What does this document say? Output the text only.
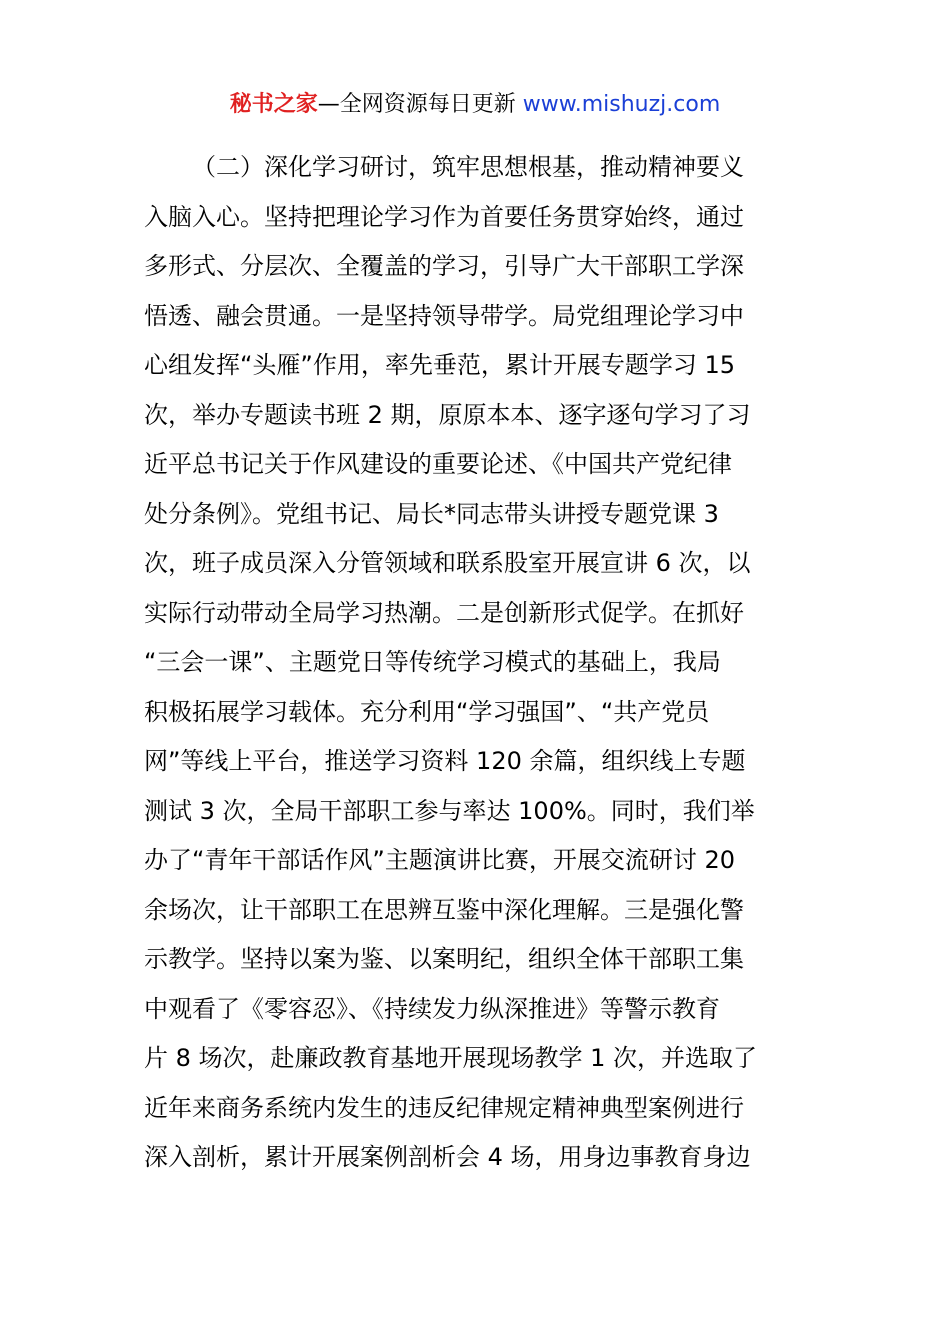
秘书之家—全网资源每日更新 www.mishuzj.com
（二）深化学习研讨，筑牢思想根基，推动精神要义
入脑入心。坚持把理论学习作为首要任务贯穿始终，通过
多形式、分层次、全覆盖的学习，引导广大干部职工学深
悟透、融会贯通。一是坚持领导带学。局党组理论学习中
心组发挥“头雁”作用，率先垂范，累计开展专题学习 15
次，举办专题读书班 2 期，原原本本、逐字逐句学习了习
近平总书记关于作风建设的重要论述、《中国共产党纪律
处分条例》。党组书记、局长*同志带头讲授专题党课 3
次，班子成员深入分管领域和联系股室开展宣讲 6 次，以
实际行动带动全局学习热潮。二是创新形式促学。在抓好
“三会一课”、主题党日等传统学习模式的基础上，我局
积极拓展学习载体。充分利用“学习强国”、“共产党员
网”等线上平台，推送学习资料 120 余篇，组织线上专题
测试 3 次，全局干部职工参与率达 100%。同时，我们举
办了“青年干部话作风”主题演讲比赛，开展交流研讨 20
余场次，让干部职工在思辨互鉴中深化理解。三是强化警
示教学。坚持以案为鉴、以案明纪，组织全体干部职工集
中观看了《零容忍》、《持续发力纵深推进》等警示教育
片 8 场次，赴廉政教育基地开展现场教学 1 次，并选取了
近年来商务系统内发生的违反纪律规定精神典型案例进行
深入剖析，累计开展案例剖析会 4 场，用身边事教育身边
